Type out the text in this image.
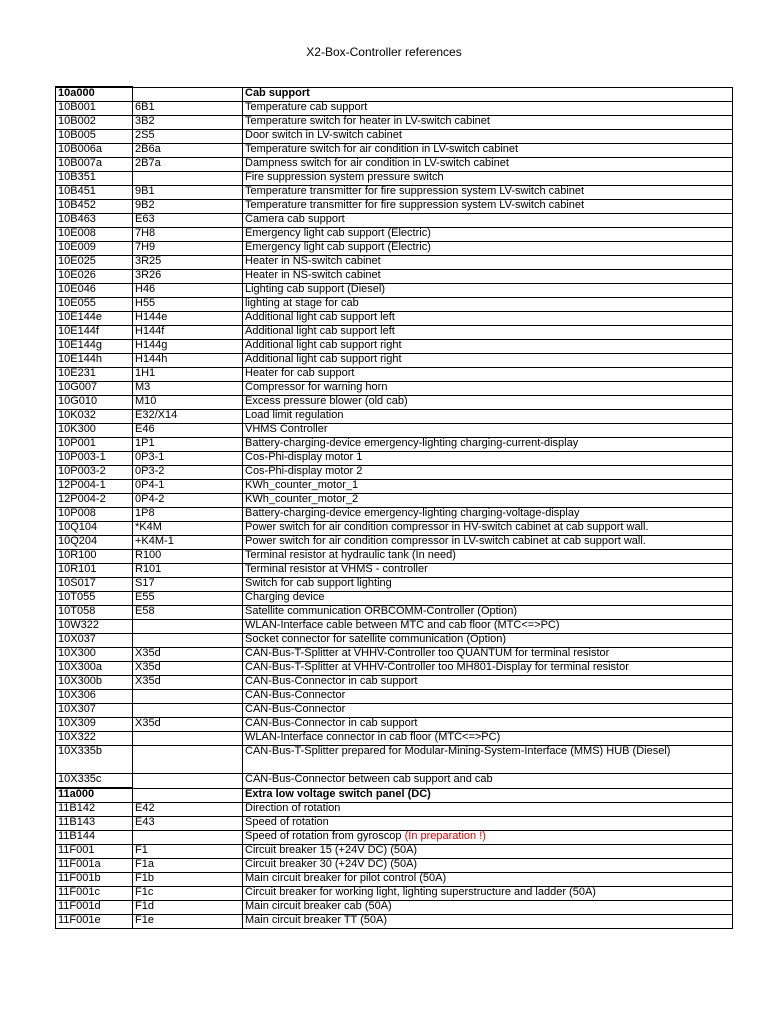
X2-Box-Controller references
10a000		Cab support
10B001	6B1	Temperature cab support
10B002	3B2	Temperature switch for heater in LV-switch cabinet
10B005	2S5	Door switch in LV-switch cabinet
10B006a	2B6a	Temperature switch for air condition in LV-switch cabinet
10B007a	2B7a	Dampness switch for air condition in LV-switch cabinet
10B351		Fire suppression system pressure switch
10B451	9B1	Temperature transmitter for fire suppression system LV-switch cabinet
10B452	9B2	Temperature transmitter for fire suppression system LV-switch cabinet
10B463	E63	Camera cab support
10E008	7H8	Emergency light cab support (Electric)
10E009	7H9	Emergency light cab support (Electric)
10E025	3R25	Heater in NS-switch cabinet
10E026	3R26	Heater in NS-switch cabinet
10E046	H46	Lighting cab support (Diesel)
10E055	H55	lighting at stage for cab
10E144e	H144e	Additional light cab support left
10E144f	H144f	Additional light cab support left
10E144g	H144g	Additional light cab support right
10E144h	H144h	Additional light cab support right
10E231	1H1	Heater for cab support
10G007	M3	Compressor for warning horn
10G010	M10	Excess pressure blower (old cab)
10K032	E32/X14	Load limit regulation
10K300	E46	VHMS Controller
10P001	1P1	Battery-charging-device emergency-lighting charging-current-display
10P003-1	0P3-1	Cos-Phi-display motor 1
10P003-2	0P3-2	Cos-Phi-display motor 2
12P004-1	0P4-1	KWh_counter_motor_1
12P004-2	0P4-2	KWh_counter_motor_2
10P008	1P8	Battery-charging-device emergency-lighting charging-voltage-display
10Q104	*K4M	Power switch for air condition compressor in HV-switch cabinet at cab support wall.
10Q204	+K4M-1	Power switch for air condition compressor in LV-switch cabinet at cab support wall.
10R100	R100	Terminal resistor at hydraulic tank (In need)
10R101	R101	Terminal resistor at VHMS - controller
10S017	S17	Switch for cab support lighting
10T055	E55	Charging device
10T058	E58	Satellite communication ORBCOMM-Controller (Option)
10W322		WLAN-Interface cable between MTC and cab floor (MTC<=>PC)
10X037		Socket connector for satellite communication (Option)
10X300	X35d	CAN-Bus-T-Splitter at VHHV-Controller too QUANTUM for terminal resistor
10X300a	X35d	CAN-Bus-T-Splitter at VHHV-Controller too MH801-Display for terminal resistor
10X300b	X35d	CAN-Bus-Connector in cab support
10X306		CAN-Bus-Connector
10X307		CAN-Bus-Connector
10X309	X35d	CAN-Bus-Connector in cab support
10X322		WLAN-Interface connector in cab floor (MTC<=>PC)
10X335b		CAN-Bus-T-Splitter prepared for Modular-Mining-System-Interface (MMS) HUB (Diesel)
10X335c		CAN-Bus-Connector between cab support and cab
11a000		Extra low voltage switch panel (DC)
11B142	E42	Direction of rotation
11B143	E43	Speed of rotation
11B144		Speed of rotation from gyroscop (In preparation !)
11F001	F1	Circuit breaker 15 (+24V DC) (50A)
11F001a	F1a	Circuit breaker 30 (+24V DC) (50A)
11F001b	F1b	Main circuit breaker for pilot control (50A)
11F001c	F1c	Circuit breaker for working light, lighting superstructure and ladder (50A)
11F001d	F1d	Main circuit breaker cab (50A)
11F001e	F1e	Main circuit breaker TT (50A)
